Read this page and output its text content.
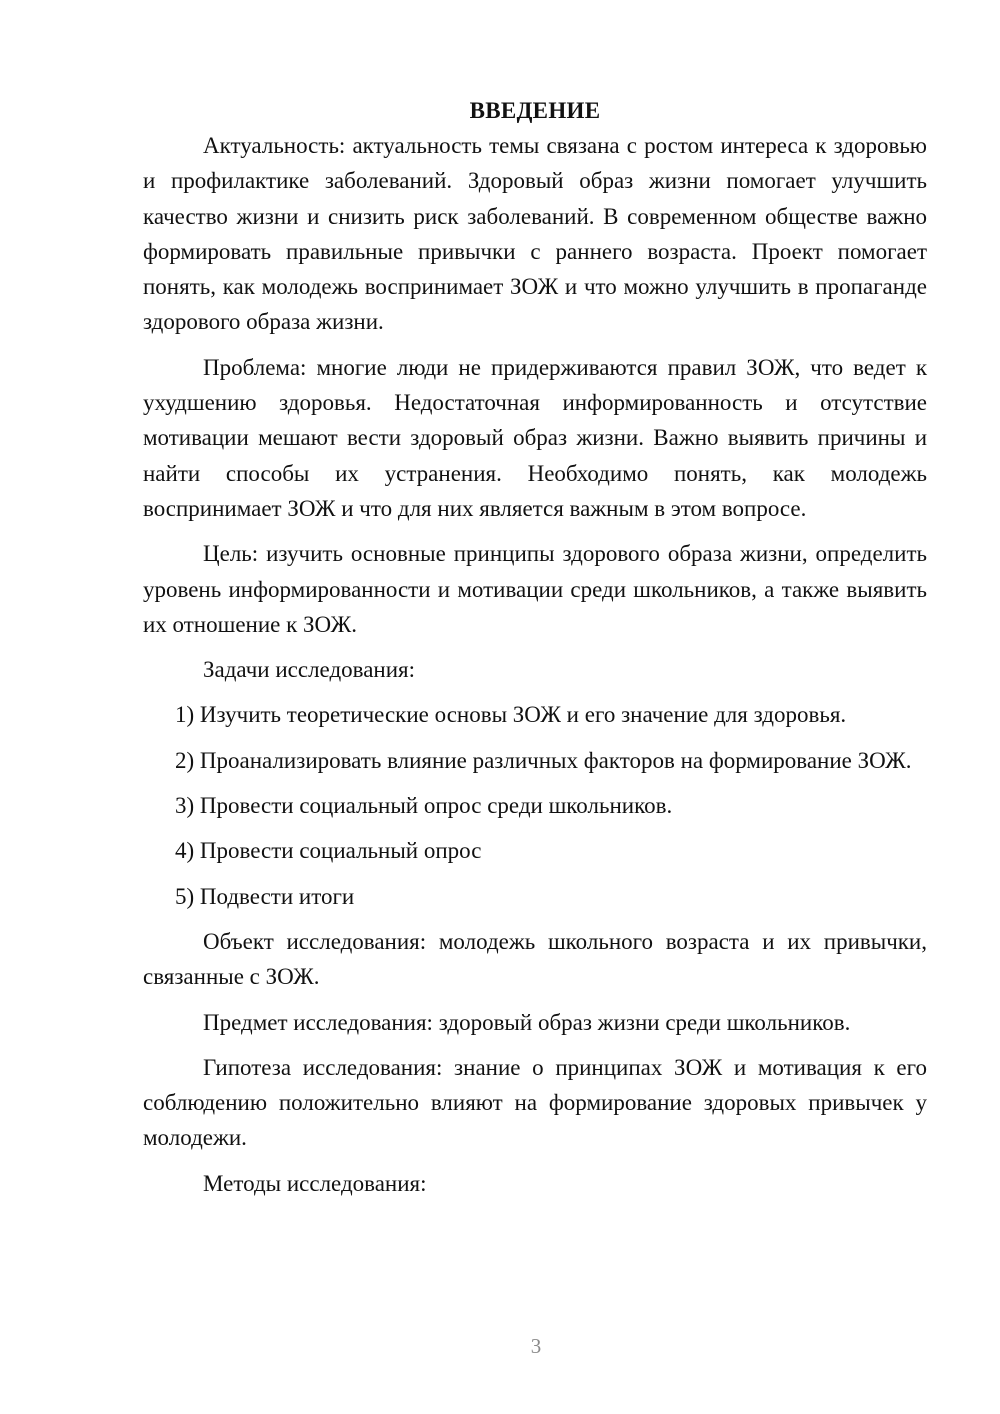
ВВЕДЕНИЕ

Актуальность: актуальность темы связана с ростом интереса к здоровью и профилактике заболеваний. Здоровый образ жизни помогает улучшить качество жизни и снизить риск заболеваний. В современном обществе важно формировать правильные привычки с раннего возраста. Проект помогает понять, как молодежь воспринимает ЗОЖ и что можно улучшить в пропаганде здорового образа жизни.

Проблема: многие люди не придерживаются правил ЗОЖ, что ведет к ухудшению здоровья. Недостаточная информированность и отсутствие мотивации мешают вести здоровый образ жизни. Важно выявить причины и найти способы их устранения. Необходимо понять, как молодежь воспринимает ЗОЖ и что для них является важным в этом вопросе.

Цель: изучить основные принципы здорового образа жизни, определить уровень информированности и мотивации среди школьников, а также выявить их отношение к ЗОЖ.

Задачи исследования:

1) Изучить теоретические основы ЗОЖ и его значение для здоровья.

2) Проанализировать влияние различных факторов на формирование ЗОЖ.

3) Провести социальный опрос среди школьников.

4) Провести социальный опрос

5) Подвести итоги

Объект исследования: молодежь школьного возраста и их привычки, связанные с ЗОЖ.

Предмет исследования: здоровый образ жизни среди школьников.

Гипотеза исследования: знание о принципах ЗОЖ и мотивация к его соблюдению положительно влияют на формирование здоровых привычек у молодежи.

Методы исследования:

3
